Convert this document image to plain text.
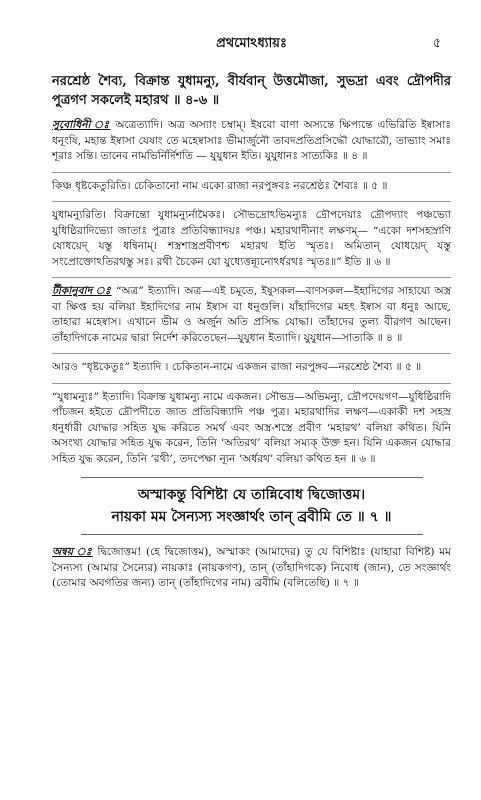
প্রথমোঽধ্যায়ঃ	৫

নরশ্রেষ্ঠ শৈব্য, বিক্রান্ত যুধামন্যু, বীর্যবান্ উত্তমৌজা, সুভদ্রা এবং দ্রৌপদীর পুত্রগণ সকলেই মহারথ ॥ ৪-৬ ॥

সুবোধিনী ঃ অত্রেত্যাদি। অত্র অস্যাং চম্বাম্। ইষবো বাণা অস্যন্তে ক্ষিপ্যন্তে এভিরিতি ইষ্বাসাঃ ধনূংষি, মহান্ত ইষ্বাসা যেষাং তে মহেষ্বাসাঃ ভীমার্জুনৌ তাবদপ্রতিপ্রসিদ্ধৌ যোদ্ধারৌ, তাভ্যাং সমাঃ শূরাঃ সন্তি। তানেব নামভির্নির্দিশতি — যুযুধান ইতি। যুযুধানঃ সাত্যকিঃ ॥ ৪ ॥

কিঞ্চ ধৃষ্টকেতুরিতি। চেকিতানো নাম একো রাজা নরপুঙ্গবঃ নরশ্রেষ্ঠঃ শৈব্যঃ ॥ ৫ ॥

যুধামন্যুরিতি। বিক্রান্তো যুধামন্যুর্নামৈকঃ। সৌভদ্রোঽভিমন্যুঃ দ্রৌপদেয়াঃ দ্রৌপদ্যাং পঞ্চভ্যো যুধিষ্ঠিরাদিভ্যো জাতাঃ পুত্রাঃ প্রতিবিন্ধ্যাদয়ঃ পঞ্চ। মহারথাদীনাং লক্ষণম্— “একো দশসহস্রাণি যোধয়েদ্ যস্তু ধন্বিনাম্। শস্ত্রশাস্ত্রপ্রবীণশ্চ মহারথ ইতি স্মৃতঃ। অমিতান্ যোধয়েদ্ যস্তু সংপ্রোক্তোঽতিরথস্তু সঃ। রথী চৈকেন যো যুধ্যেত্তন্ন্যূনোঽর্ধরথঃ স্মৃতঃ॥” ইতি ॥ ৬ ॥

টীকানুবাদ ঃ “অত্র” ইত্যাদি। অত্র—এই চমূতে, ইষুসকল—বাণসকল—ইহাদিগের সাহায্যে অস্ত্র বা ক্ষিপ্ত হয় বলিয়া ইহাদিগের নাম ইষ্বাস বা ধনুগুলি। যাঁহাদিগের মহৎ ইষ্বাস বা ধনুঃ আছে, তাহারা মহেষ্বাস। এখানে ভীম ও অর্জুন অতি প্রসিদ্ধ যোদ্ধা। তাঁহাদের তুল্য বীরগণ আছেন। তাঁহাদিগকে নামের দ্বারা নির্দেশ করিতেছেন—যুযুধান ইত্যাদি। যুযুধান—সাত্যকি ॥ ৪ ॥

আরও “ধৃষ্টকেতুঃ” ইত্যাদি । চেকিতান-নামে একজন রাজা নরপুঙ্গব—নরশ্রেষ্ঠ শৈব্য ॥ ৫ ॥

“যুধামন্যুঃ” ইত্যাদি। বিক্রান্ত যুধামন্যু নামে একজন। সৌভদ্র—অভিমন্যু, দ্রৌপদেয়গণ—যুধিষ্ঠিরাদি পাঁচজন হইতে দ্রৌপদীতে জাত প্রতিবিন্ধ্যাদি পঞ্চ পুত্র। মহারথাদির লক্ষণ—একাকী দশ সহস্র ধনুর্ধারী যোদ্ধার সহিত যুদ্ধ করিতে সমর্থ এবং অস্ত্র-শস্ত্রে প্রবীণ ‘মহারথ’ বলিয়া কথিত। যিনি অসংখ্য যোদ্ধার সহিত যুদ্ধ করেন, তিনি ‘অতিরথ’ বলিয়া সম্যক্ উক্ত হন। যিনি একজন যোদ্ধার সহিত যুদ্ধ করেন, তিনি ‘রথী’, তদপেক্ষা ন্যূন ‘অর্ধরথ’ বলিয়া কথিত হন ॥ ৬ ॥

অস্মাকন্তু বিশিষ্টা যে তান্নিবোধ দ্বিজোত্তম।
নায়কা মম সৈন্যস্য সংজ্ঞার্থং তান্ ব্রবীমি তে ॥ ৭ ॥

অন্বয় ঃ দ্বিজোত্তম! (হে দ্বিজোত্তম), অস্মাকং (আমাদের) তু যে বিশিষ্টাঃ (যাহারা বিশিষ্ট) মম সৈন্যস্য (আমার সৈন্যের) নায়কাঃ (নায়কগণ), তান্ (তাঁহাদিগকে) নিবোধ (জান), তে সংজ্ঞার্থং (তোমার অবগতির জন্য) তান্ (তাঁহাদিগের নাম) ব্রবীমি (বলিতেছি) ॥ ৭ ॥
